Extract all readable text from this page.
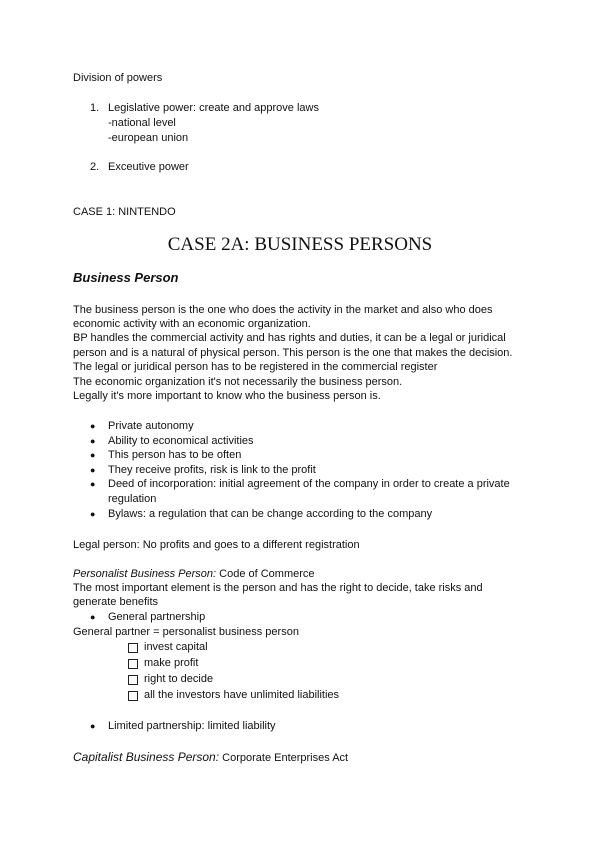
Division of powers
1. Legislative power: create and approve laws
-national level
-european union
2. Exceutive power
CASE 1: NINTENDO
CASE 2A: BUSINESS PERSONS
Business Person
The business person is the one who does the activity in the market and also who does
economic activity with an economic organization.
BP handles the commercial activity and has rights and duties, it can be a legal or juridical
person and is a natural of physical person. This person is the one that makes the decision.
The legal or juridical person has to be registered in the commercial register
The economic organization it's not necessarily the business person.
Legally it's more important to know who the business person is.
● Private autonomy
● Ability to economical activities
● This person has to be often
● They receive profits, risk is link to the profit
● Deed of incorporation: initial agreement of the company in order to create a private
regulation
● Bylaws: a regulation that can be change according to the company
Legal person: No profits and goes to a different registration
Personalist Business Person: Code of Commerce
The most important element is the person and has the right to decide, take risks and
generate benefits
● General partnership
General partner = personalist business person
invest capital
make profit
right to decide
all the investors have unlimited liabilities
● Limited partnership: limited liability
Capitalist Business Person: Corporate Enterprises Act
